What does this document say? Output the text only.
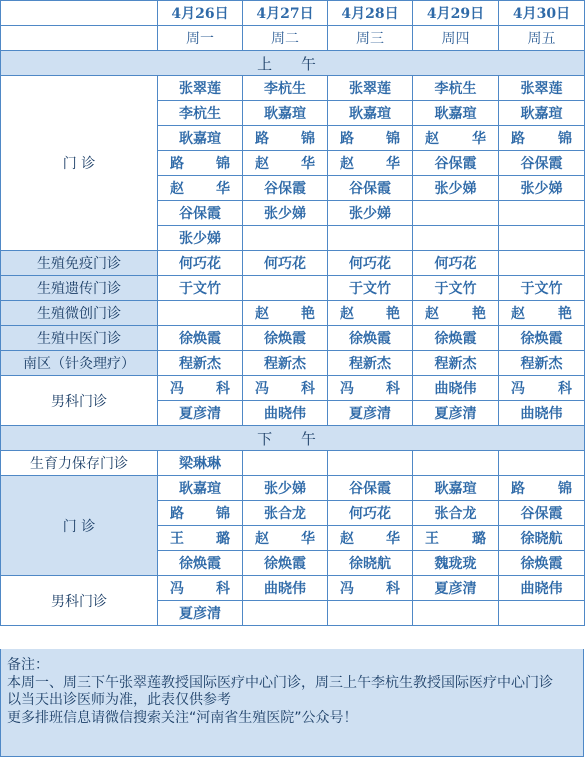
	4月26日	4月27日	4月28日	4月29日	4月30日
	周一	周二	周三	周四	周五
上 午					
门 诊	张翠莲	李杭生	张翠莲	李杭生	张翠莲
	李杭生	耿嘉瑄	耿嘉瑄	耿嘉瑄	耿嘉瑄
	耿嘉瑄	路 锦	路 锦	赵 华	路 锦
	路 锦	赵 华	赵 华	谷保霞	谷保霞
	赵 华	谷保霞	谷保霞	张少娣	张少娣
	谷保霞	张少娣	张少娣		
	张少娣				
生殖免疫门诊	何巧花	何巧花	何巧花	何巧花	
生殖遗传门诊	于文竹		于文竹	于文竹	于文竹
生殖微创门诊		赵 艳	赵 艳	赵 艳	赵 艳
生殖中医门诊	徐焕霞	徐焕霞	徐焕霞	徐焕霞	徐焕霞
南区（针灸理疗）	程新杰	程新杰	程新杰	程新杰	程新杰
男科门诊	冯 科	冯 科	冯 科	曲晓伟	冯 科
	夏彦清	曲晓伟	夏彦清	夏彦清	曲晓伟
下 午					
生育力保存门诊	梁琳琳				
门 诊	耿嘉瑄	张少娣	谷保霞	耿嘉瑄	路 锦
	路 锦	张合龙	何巧花	张合龙	谷保霞
	王 璐	赵 华	赵 华	王 璐	徐晓航
	徐焕霞	徐焕霞	徐晓航	魏珑珑	徐焕霞
男科门诊	冯 科	曲晓伟	冯 科	夏彦清	曲晓伟
	夏彦清				
备注：
本周一、周三下午张翠莲教授国际医疗中心门诊，周三上午李杭生教授国际医疗中心门诊
以当天出诊医师为准，此表仅供参考
更多排班信息请微信搜索关注“河南省生殖医院”公众号！
